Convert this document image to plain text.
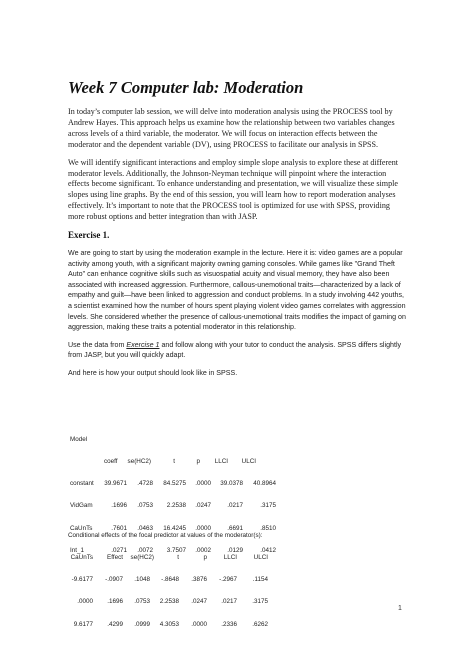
Week 7 Computer lab: Moderation

In today’s computer lab session, we will delve into moderation analysis using the PROCESS tool by Andrew Hayes. This approach helps us examine how the relationship between two variables changes across levels of a third variable, the moderator. We will focus on interaction effects between the moderator and the dependent variable (DV), using PROCESS to facilitate our analysis in SPSS.

We will identify significant interactions and employ simple slope analysis to explore these at different moderator levels. Additionally, the Johnson-Neyman technique will pinpoint where the interaction effects become significant. To enhance understanding and presentation, we will visualize these simple slopes using line graphs. By the end of this session, you will learn how to report moderation analyses effectively. It’s important to note that the PROCESS tool is optimized for use with SPSS, providing more robust options and better integration than with JASP.

Exercise 1.

We are going to start by using the moderation example in the lecture. Here it is: video games are a popular activity among youth, with a significant majority owning gaming consoles. While games like "Grand Theft Auto" can enhance cognitive skills such as visuospatial acuity and visual memory, they have also been associated with increased aggression. Furthermore, callous-unemotional traits—characterized by a lack of empathy and guilt—have been linked to aggression and conduct problems. In a study involving 442 youths, a scientist examined how the number of hours spent playing violent video games correlates with aggression levels. She considered whether the presence of callous-unemotional traits modifies the impact of gaming on aggression, making these traits a potential moderator in this relationship.

Use the data from Exercise 1 and follow along with your tutor to conduct the analysis. SPSS differs slightly from JASP, but you will quickly adapt.

And here is how your output should look like in SPSS.

Model

coeff	se(HC2)	t	p	LLCI	ULCI

constant	39.9671	.4728	84.5275	.0000	39.0378	40.8964

VidGam	.1696	.0753	2.2538	.0247	.0217	.3175

CaUnTs	.7601	.0463	16.4245	.0000	.6691	.8510

Int_1	.0271	.0072	3.7507	.0002	.0129	.0412

Conditional effects of the focal predictor at values of the moderator(s):

CaUnTs	Effect	se(HC2)	t	p	LLCI	ULCI

-9.6177	-.0907	.1048	-.8648	.3876	-.2967	.1154

.0000	.1696	.0753	2.2538	.0247	.0217	.3175

9.6177	.4299	.0999	4.3053	.0000	.2336	.6262

1
